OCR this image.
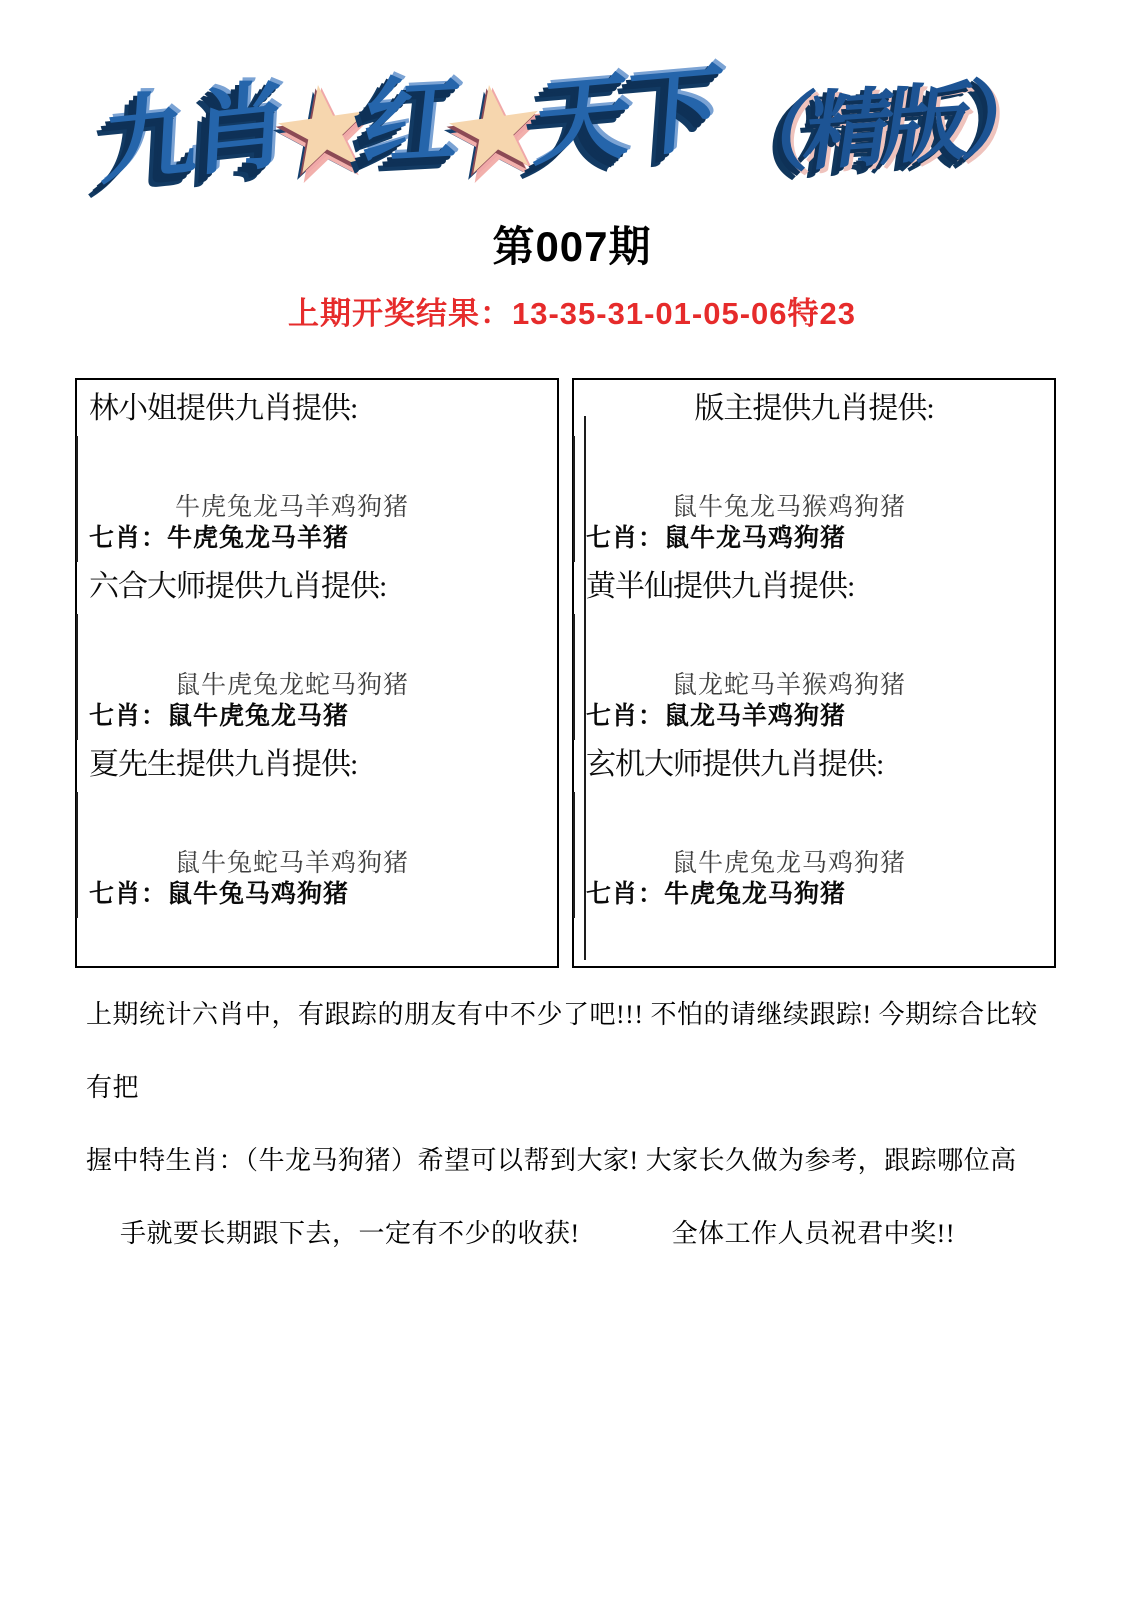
九肖★红★天下（精版）
第007期
上期开奖结果：13-35-31-01-05-06特23

林小姐提供九肖提供:

牛虎兔龙马羊鸡狗猪

七肖：牛虎兔龙马羊猪

六合大师提供九肖提供:

鼠牛虎兔龙蛇马狗猪

七肖：鼠牛虎兔龙马猪

夏先生提供九肖提供:

鼠牛兔蛇马羊鸡狗猪

七肖：鼠牛兔马鸡狗猪

版主提供九肖提供:

鼠牛兔龙马猴鸡狗猪

七肖：鼠牛龙马鸡狗猪

黄半仙提供九肖提供:

鼠龙蛇马羊猴鸡狗猪

七肖：鼠龙马羊鸡狗猪

玄机大师提供九肖提供:

鼠牛虎兔龙马鸡狗猪

七肖：牛虎兔龙马狗猪

上期统计六肖中，有跟踪的朋友有中不少了吧!!! 不怕的请继续跟踪! 今期综合比较有把
握中特生肖：（牛龙马狗猪）希望可以帮到大家! 大家长久做为参考，跟踪哪位高
手就要长期跟下去，一定有不少的收获!	全体工作人员祝君中奖!!
